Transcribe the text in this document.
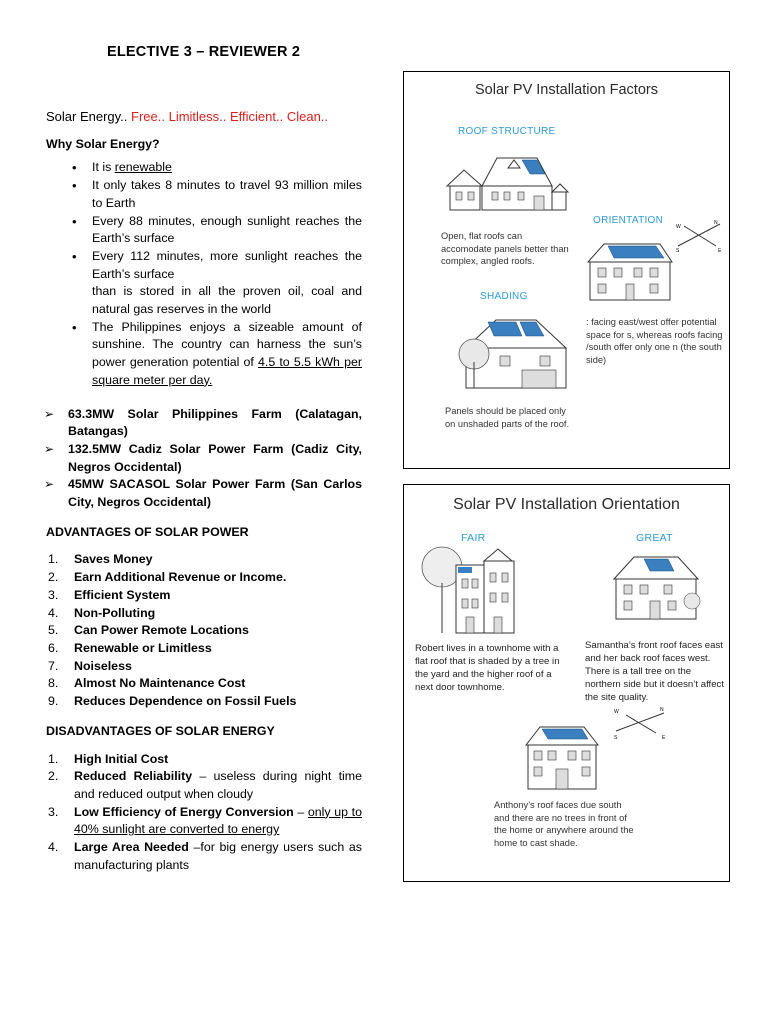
ELECTIVE 3 – REVIEWER 2

Solar Energy.. Free.. Limitless.. Efficient.. Clean..

Why Solar Energy?

• It is renewable
• It only takes 8 minutes to travel 93 million miles to Earth
• Every 88 minutes, enough sunlight reaches the Earth’s surface
• Every 112 minutes, more sunlight reaches the Earth’s surface
than is stored in all the proven oil, coal and natural gas reserves in the world
• The Philippines enjoys a sizeable amount of sunshine. The country can harness the sun’s power generation potential of 4.5 to 5.5 kWh per square meter per day.
➢ 63.3MW Solar Philippines Farm (Calatagan, Batangas)
➢ 132.5MW Cadiz Solar Power Farm (Cadiz City, Negros Occidental)
➢ 45MW SACASOL Solar Power Farm (San Carlos City, Negros Occidental)

ADVANTAGES OF SOLAR POWER

1. Saves Money
2. Earn Additional Revenue or Income.
3. Efficient System
4. Non-Polluting
5. Can Power Remote Locations
6. Renewable or Limitless
7. Noiseless
8. Almost No Maintenance Cost
9. Reduces Dependence on Fossil Fuels

DISADVANTAGES OF SOLAR ENERGY

1. High Initial Cost
2. Reduced Reliability – useless during night time and reduced output when cloudy
3. Low Efficiency of Energy Conversion – only up to 40% sunlight are converted to energy
4. Large Area Needed –for big energy users such as manufacturing plants
Solar PV Installation Factors
ROOF STRUCTURE
Open, flat roofs can accomodate panels better than complex, angled roofs.
ORIENTATION
W
N
E
S
: facing east/west offer potential space for s, whereas roofs facing /south offer only one n (the south side)
SHADING
Panels should be placed only on unshaded parts of the roof.
Solar PV Installation Orientation
FAIR	GREAT
Robert lives in a townhome with a flat roof that is shaded by a tree in the yard and the higher roof of a next door townhome.
Samantha’s front roof faces east and her back roof faces west. There is a tall tree on the northern side but it doesn’t affect the site quality.
W	N
E
S
Anthony’s roof faces due south and there are no trees in front of the home or anywhere around the home to cast shade.
